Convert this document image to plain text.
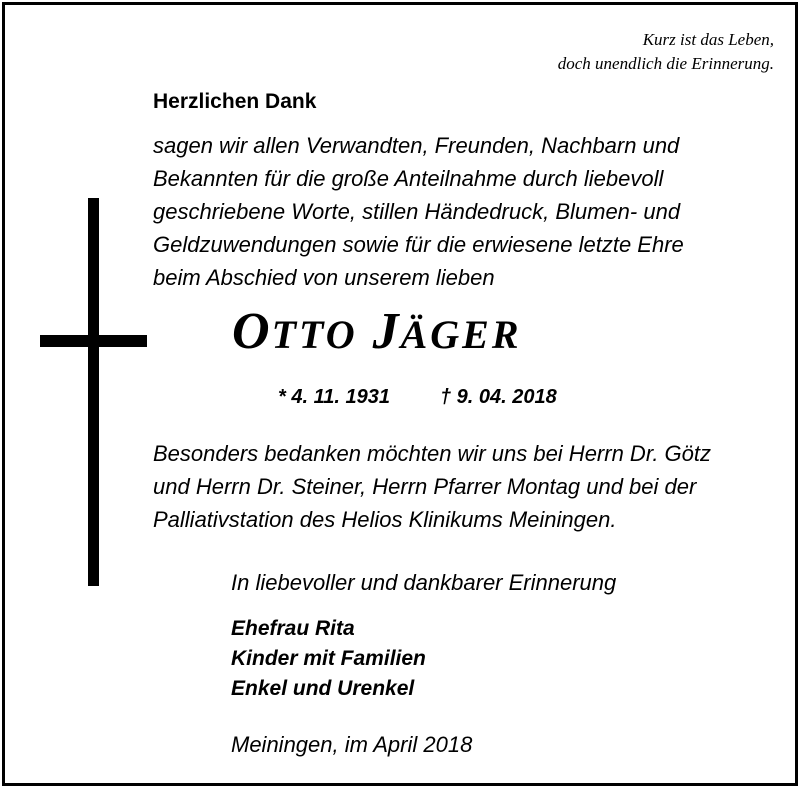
Kurz ist das Leben,
doch unendlich die Erinnerung.
Herzlichen Dank
sagen wir allen Verwandten, Freunden, Nachbarn und
Bekannten für die große Anteilnahme durch liebevoll
geschriebene Worte, stillen Händedruck, Blumen- und
Geldzuwendungen sowie für die erwiesene letzte Ehre
beim Abschied von unserem lieben
OTTO JÄGER
* 4. 11. 1931	† 9. 04. 2018
Besonders bedanken möchten wir uns bei Herrn Dr. Götz
und Herrn Dr. Steiner, Herrn Pfarrer Montag und bei der
Palliativstation des Helios Klinikums Meiningen.
In liebevoller und dankbarer Erinnerung
Ehefrau Rita
Kinder mit Familien
Enkel und Urenkel
Meiningen, im April 2018
